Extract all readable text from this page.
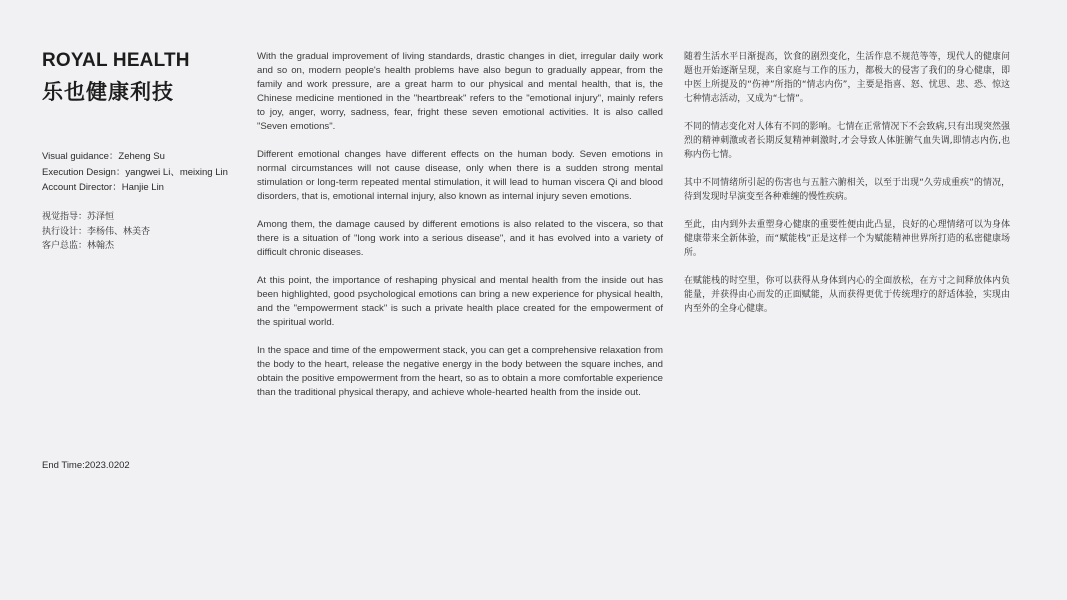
ROYAL HEALTH
乐也健康利技
Visual guidance：Zeheng Su
Execution Design：yangwei Li、meixing Lin
Account Director：Hanjie Lin
视觉指导：苏泽恒
执行设计：李杨伟、林美杏
客户总监：林翰杰
End Time:2023.0202

With the gradual improvement of living standards, drastic changes in diet, irregular daily work and so on, modern people's health problems have also begun to gradually appear, from the family and work pressure, are a great harm to our physical and mental health, that is, the Chinese medicine mentioned in the "heartbreak" refers to the "emotional injury", mainly refers to joy, anger, worry, sadness, fear, fright these seven emotional activities. It is also called "Seven emotions".

Different emotional changes have different effects on the human body. Seven emotions in normal circumstances will not cause disease, only when there is a sudden strong mental stimulation or long-term repeated mental stimulation, it will lead to human viscera Qi and blood disorders, that is, emotional internal injury, also known as internal injury seven emotions.

Among them, the damage caused by different emotions is also related to the viscera, so that there is a situation of "long work into a serious disease", and it has evolved into a variety of difficult chronic diseases.

At this point, the importance of reshaping physical and mental health from the inside out has been highlighted, good psychological emotions can bring a new experience for physical health, and the "empowerment stack" is such a private health place created for the empowerment of the spiritual world.

In the space and time of the empowerment stack, you can get a comprehensive relaxation from the body to the heart, release the negative energy in the body between the square inches, and obtain the positive empowerment from the heart, so as to obtain a more comfortable experience than the traditional physical therapy, and achieve whole-hearted health from the inside out.

随着生活水平日渐提高，饮食的剧烈变化，生活作息不规范等等，现代人的健康问题也开始逐渐呈现，来自家庭与工作的压力，都极大的侵害了我们的身心健康，即中医上所提及的“伤神”所指的“情志内伤”，主要是指喜、怒、忧思、悲、恐、惊这七种情志活动，又成为“七情”。

不同的情志变化对人体有不同的影响。七情在正常情况下不会致病,只有出现突然强烈的精神刺激或者长期反复精神刺激时,才会导致人体脏腑气血失调,即情志内伤,也称内伤七情。

其中不同情绪所引起的伤害也与五脏六腑相关，以至于出现“久劳成重疾”的情况，待到发现时早演变至各种难缠的慢性疾病。

至此，由内到外去重塑身心健康的重要性便由此凸显，良好的心理情绪可以为身体健康带来全新体验，而“赋能栈”正是这样一个为赋能精神世界所打造的私密健康场所。

在赋能栈的时空里，你可以获得从身体到内心的全面放松，在方寸之间释放体内负能量，并获得由心而发的正面赋能，从而获得更优于传统理疗的舒适体验，实现由内至外的全身心健康。
